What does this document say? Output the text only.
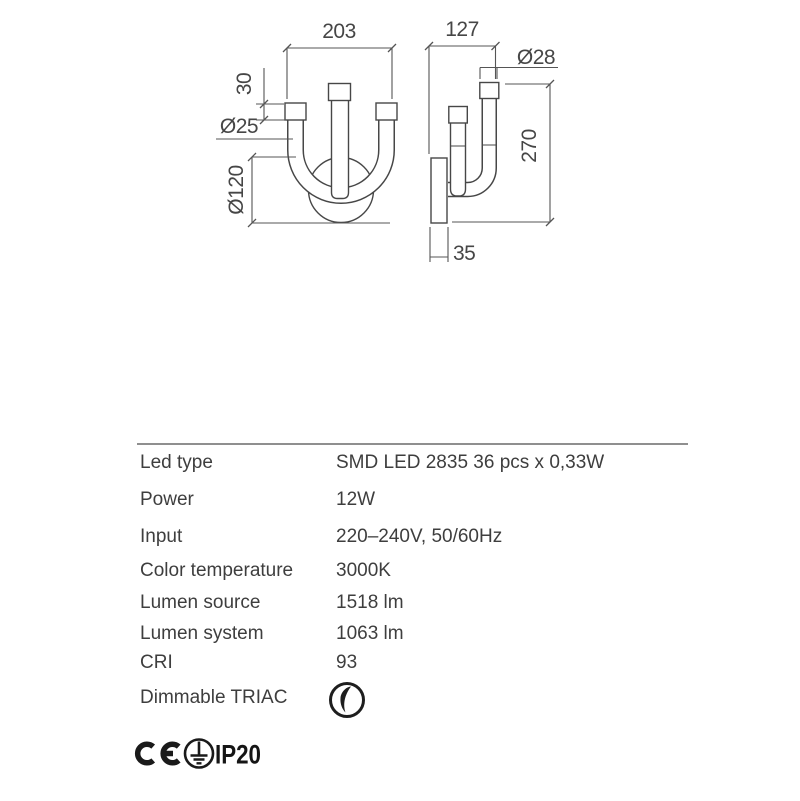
203
30
Ø25
Ø120
127
Ø28
270
35
Led type	SMD LED 2835 36 pcs x 0,33W
Power	12W
Input	220–240V, 50/60Hz
Color temperature	3000K
Lumen source	1518 lm
Lumen system	1063 lm
CRI	93
Dimmable TRIAC
IP20
